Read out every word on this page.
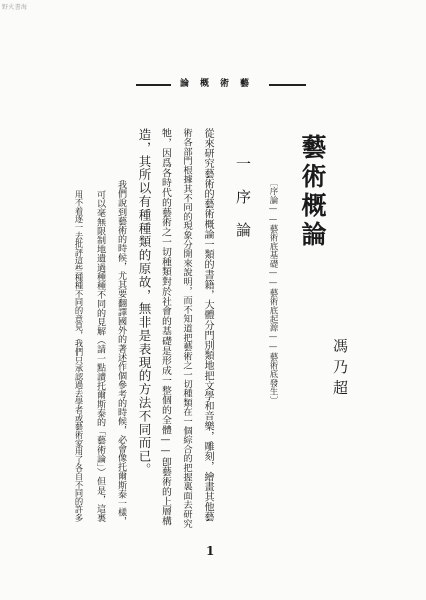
野火書海
藝術概論
藝術概論
〔序論——藝術底基礎——藝術底起源——藝術底發生〕	馮乃超
一序論
從來研究藝術的藝術概論一類的書籍，大體分門別類地把文學和音樂，雕刻，繪畫其他藝
術各部門根據其不同的現象分開來說明，而不知道把藝術之一切種類在一個綜合的把握裏面去研究
牠，因爲各時代的藝術之一切種類對於社會的基礎是形成一整個的全體——卽藝術的上層構
造，其所以有種種類的原故，無非是表現的方法不同而已。
我們說到藝術的時候，尤其要翻譯國外的著述作個參考的時候，必會像托爾斯泰一樣，
可以毫無限制地遺過種種不同的見解（請一點讀托爾斯泰的「藝術論」）但是，這裏
用不着逐一去批評這些種種不同的意見，我們只承認過去學者或藝術家用了各自不同的許多
1
